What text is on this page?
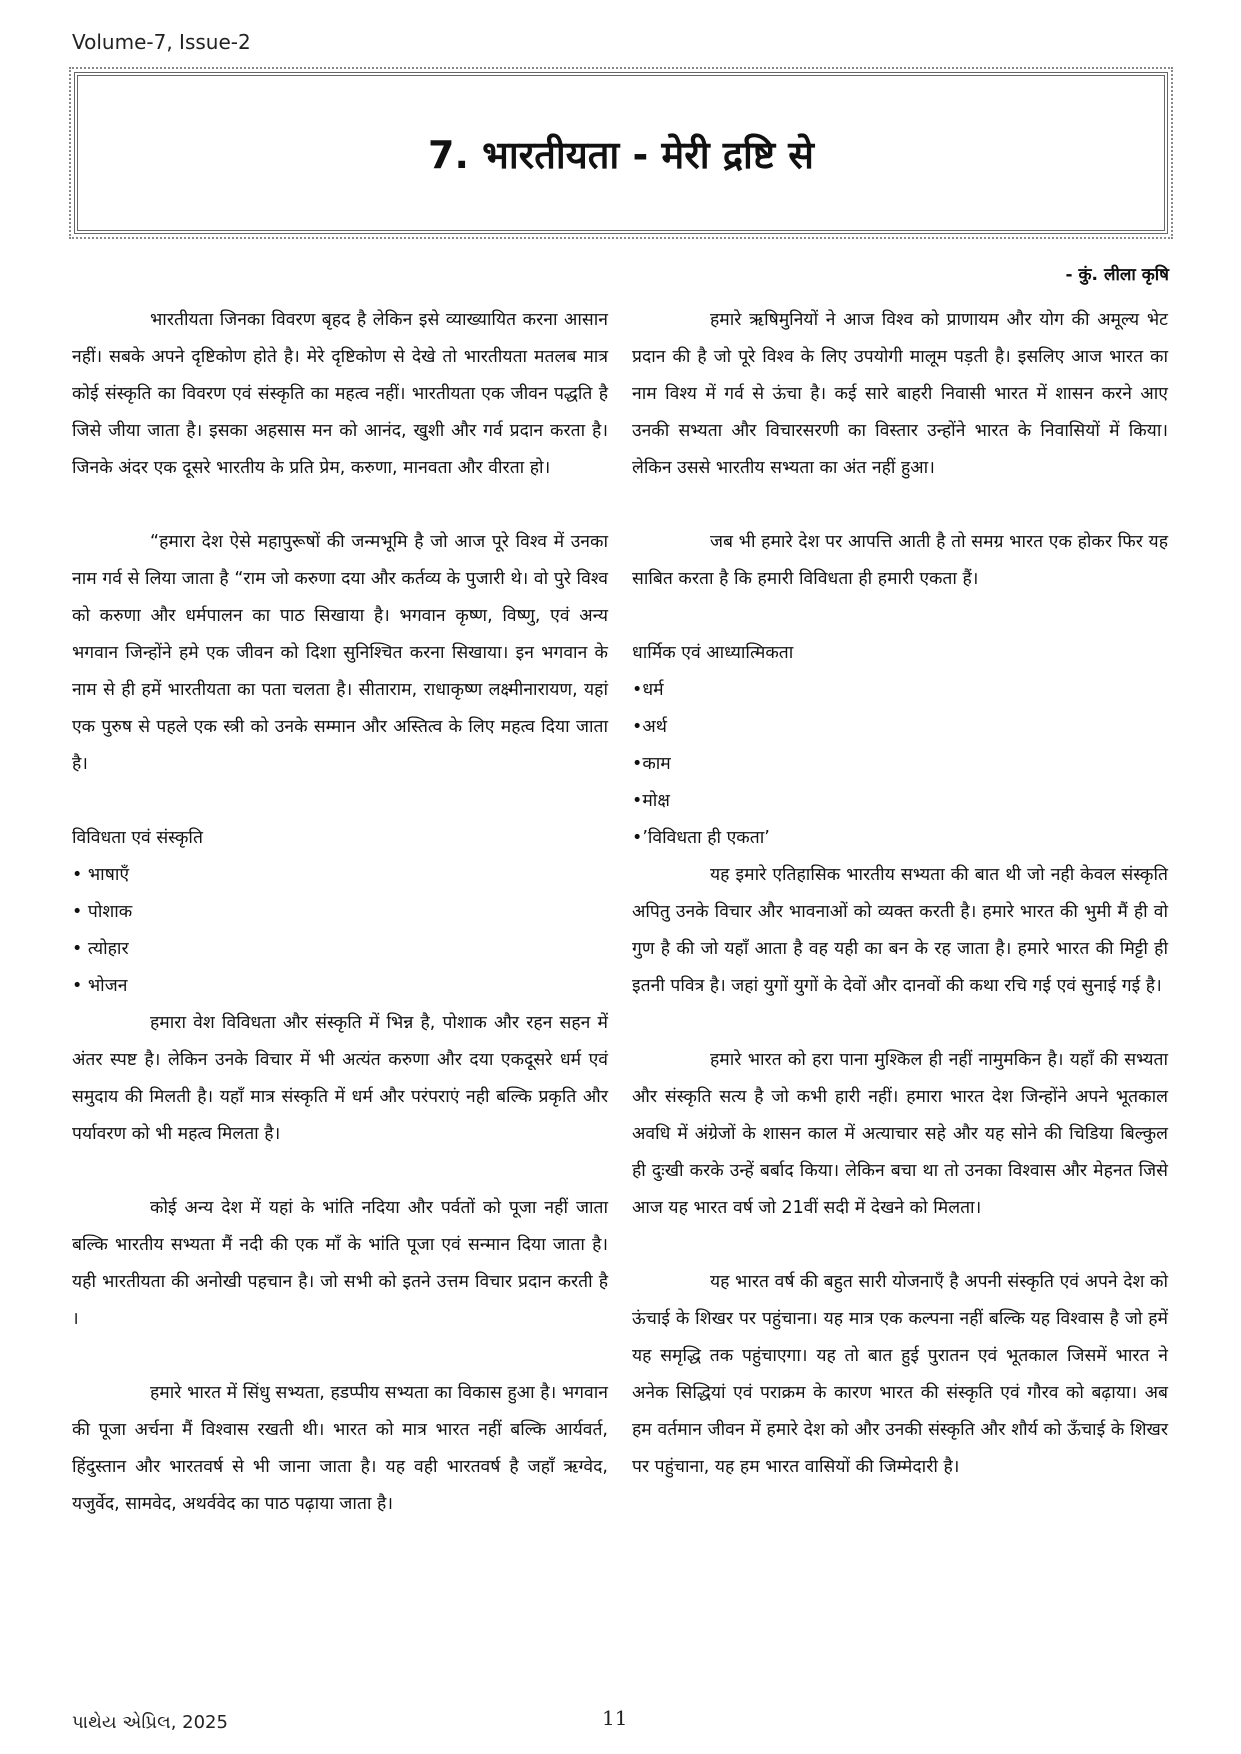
Volume-7, Issue-2
7. भारतीयता - मेरी द्रष्टि से
- कुं. लीला कृषि

भारतीयता जिनका विवरण बृहद है लेकिन इसे व्याख्यायित करना आसान नहीं। सबके अपने दृष्टिकोण होते है। मेरे दृष्टिकोण से देखे तो भारतीयता मतलब मात्र कोई संस्कृति का विवरण एवं संस्कृति का महत्व नहीं। भारतीयता एक जीवन पद्धति है जिसे जीया जाता है। इसका अहसास मन को आनंद, खुशी और गर्व प्रदान करता है। जिनके अंदर एक दूसरे भारतीय के प्रति प्रेम, करुणा, मानवता और वीरता हो।

“हमारा देश ऐसे महापुरूषों की जन्मभूमि है जो आज पूरे विश्व में उनका नाम गर्व से लिया जाता है “राम जो करुणा दया और कर्तव्य के पुजारी थे। वो पुरे विश्व को करुणा और धर्मपालन का पाठ सिखाया है। भगवान कृष्ण, विष्णु, एवं अन्य भगवान जिन्होंने हमे एक जीवन को दिशा सुनिश्चित करना सिखाया। इन भगवान के नाम से ही हमें भारतीयता का पता चलता है। सीताराम, राधाकृष्ण लक्ष्मीनारायण, यहां एक पुरुष से पहले एक स्त्री को उनके सम्मान और अस्तित्व के लिए महत्व दिया जाता है।

विविधता एवं संस्कृति

• भाषाएँ
• पोशाक
• त्योहार
• भोजन

हमारा वेश विविधता और संस्कृति में भिन्न है, पोशाक और रहन सहन में अंतर स्पष्ट है। लेकिन उनके विचार में भी अत्यंत करुणा और दया एकदूसरे धर्म एवं समुदाय की मिलती है। यहाँ मात्र संस्कृति में धर्म और परंपराएं नही बल्कि प्रकृति और पर्यावरण को भी महत्व मिलता है।

कोई अन्य देश में यहां के भांति नदिया और पर्वतों को पूजा नहीं जाता बल्कि भारतीय सभ्यता मैं नदी की एक माँ के भांति पूजा एवं सन्मान दिया जाता है। यही भारतीयता की अनोखी पहचान है। जो सभी को इतने उत्तम विचार प्रदान करती है ।

हमारे भारत में सिंधु सभ्यता, हडप्पीय सभ्यता का विकास हुआ है। भगवान की पूजा अर्चना मैं विश्वास रखती थी। भारत को मात्र भारत नहीं बल्कि आर्यवर्त, हिंदुस्तान और भारतवर्ष से भी जाना जाता है। यह वही भारतवर्ष है जहाँ ऋग्वेद, यजुर्वेद, सामवेद, अथर्ववेद का पाठ पढ़ाया जाता है।

हमारे ऋषिमुनियों ने आज विश्व को प्राणायम और योग की अमूल्य भेट प्रदान की है जो पूरे विश्व के लिए उपयोगी मालूम पड़ती है। इसलिए आज भारत का नाम विश्य में गर्व से ऊंचा है। कई सारे बाहरी निवासी भारत में शासन करने आए उनकी सभ्यता और विचारसरणी का विस्तार उन्होंने भारत के निवासियों में किया। लेकिन उससे भारतीय सभ्यता का अंत नहीं हुआ।

जब भी हमारे देश पर आपत्ति आती है तो समग्र भारत एक होकर फिर यह साबित करता है कि हमारी विविधता ही हमारी एकता हैं।

धार्मिक एवं आध्यात्मिकता

•धर्म
•अर्थ
•काम
•मोक्ष
•’विविधता ही एकता’

यह इमारे एतिहासिक भारतीय सभ्यता की बात थी जो नही केवल संस्कृति अपितु उनके विचार और भावनाओं को व्यक्त करती है। हमारे भारत की भुमी मैं ही वो गुण है की जो यहाँ आता है वह यही का बन के रह जाता है। हमारे भारत की मिट्टी ही इतनी पवित्र है। जहां युगों युगों के देवों और दानवों की कथा रचि गई एवं सुनाई गई है।

हमारे भारत को हरा पाना मुश्किल ही नहीं नामुमकिन है। यहाँ की सभ्यता और संस्कृति सत्य है जो कभी हारी नहीं। हमारा भारत देश जिन्होंने अपने भूतकाल अवधि में अंग्रेजों के शासन काल में अत्याचार सहे और यह सोने की चिडिया बिल्कुल ही दुःखी करके उन्हें बर्बाद किया। लेकिन बचा था तो उनका विश्वास और मेहनत जिसे आज यह भारत वर्ष जो 21वीं सदी में देखने को मिलता।

यह भारत वर्ष की बहुत सारी योजनाएँ है अपनी संस्कृति एवं अपने देश को ऊंचाई के शिखर पर पहुंचाना। यह मात्र एक कल्पना नहीं बल्कि यह विश्वास है जो हमें यह समृद्धि तक पहुंचाएगा। यह तो बात हुई पुरातन एवं भूतकाल जिसमें भारत ने अनेक सिद्धियां एवं पराक्रम के कारण भारत की संस्कृति एवं गौरव को बढ़ाया। अब हम वर्तमान जीवन में हमारे देश को और उनकी संस्कृति और शौर्य को ऊँचाई के शिखर पर पहुंचाना, यह हम भारत वासियों की जिम्मेदारी है।

પાથેય એપ્રિલ, 2025	11
